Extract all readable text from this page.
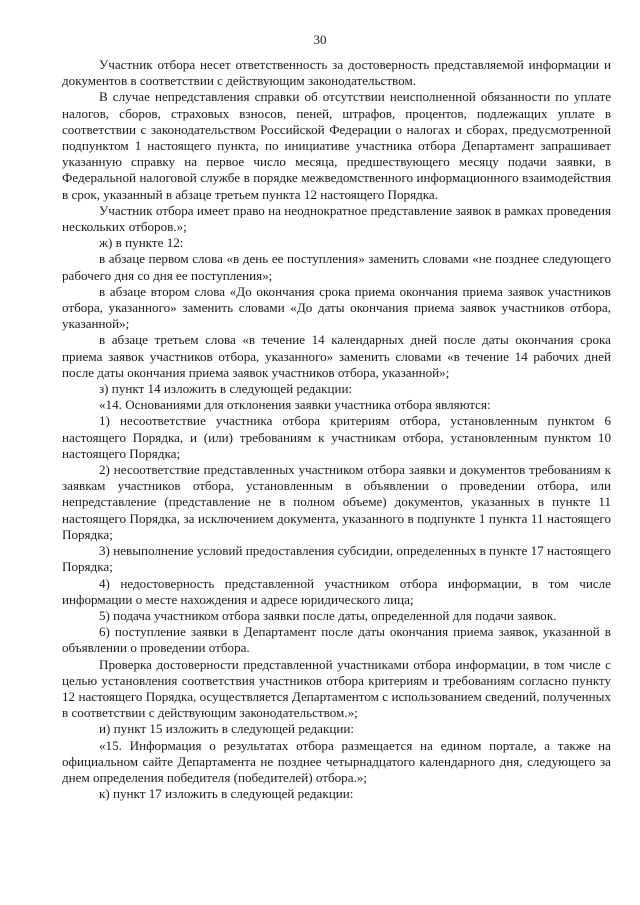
30

Участник отбора несет ответственность за достоверность представляемой информации и документов в соответствии с действующим законодательством.

В случае непредставления справки об отсутствии неисполненной обязанности по уплате налогов, сборов, страховых взносов, пеней, штрафов, процентов, подлежащих уплате в соответствии с законодательством Российской Федерации о налогах и сборах, предусмотренной подпунктом 1 настоящего пункта, по инициативе участника отбора Департамент запрашивает указанную справку на первое число месяца, предшествующего месяцу подачи заявки, в Федеральной налоговой службе в порядке межведомственного информационного взаимодействия в срок, указанный в абзаце третьем пункта 12 настоящего Порядка.

Участник отбора имеет право на неоднократное представление заявок в рамках проведения нескольких отборов.»;

ж) в пункте 12:

в абзаце первом слова «в день ее поступления» заменить словами «не позднее следующего рабочего дня со дня ее поступления»;

в абзаце втором слова «До окончания срока приема окончания приема заявок участников отбора, указанного» заменить словами «До даты окончания приема заявок участников отбора, указанной»;

в абзаце третьем слова «в течение 14 календарных дней после даты окончания срока приема заявок участников отбора, указанного» заменить словами «в течение 14 рабочих дней после даты окончания приема заявок участников отбора, указанной»;

з) пункт 14 изложить в следующей редакции:

«14. Основаниями для отклонения заявки участника отбора являются:

1) несоответствие участника отбора критериям отбора, установленным пунктом 6 настоящего Порядка, и (или) требованиям к участникам отбора, установленным пунктом 10 настоящего Порядка;

2) несоответствие представленных участником отбора заявки и документов требованиям к заявкам участников отбора, установленным в объявлении о проведении отбора, или непредставление (представление не в полном объеме) документов, указанных в пункте 11 настоящего Порядка, за исключением документа, указанного в подпункте 1 пункта 11 настоящего Порядка;

3) невыполнение условий предоставления субсидии, определенных в пункте 17 настоящего Порядка;

4) недостоверность представленной участником отбора информации, в том числе информации о месте нахождения и адресе юридического лица;

5) подача участником отбора заявки после даты, определенной для подачи заявок.

6) поступление заявки в Департамент после даты окончания приема заявок, указанной в объявлении о проведении отбора.

Проверка достоверности представленной участниками отбора информации, в том числе с целью установления соответствия участников отбора критериям и требованиям согласно пункту 12 настоящего Порядка, осуществляется Департаментом с использованием сведений, полученных в соответствии с действующим законодательством.»;

и) пункт 15 изложить в следующей редакции:

«15. Информация о результатах отбора размещается на едином портале, а также на официальном сайте Департамента не позднее четырнадцатого календарного дня, следующего за днем определения победителя (победителей) отбора.»;

к) пункт 17 изложить в следующей редакции:
